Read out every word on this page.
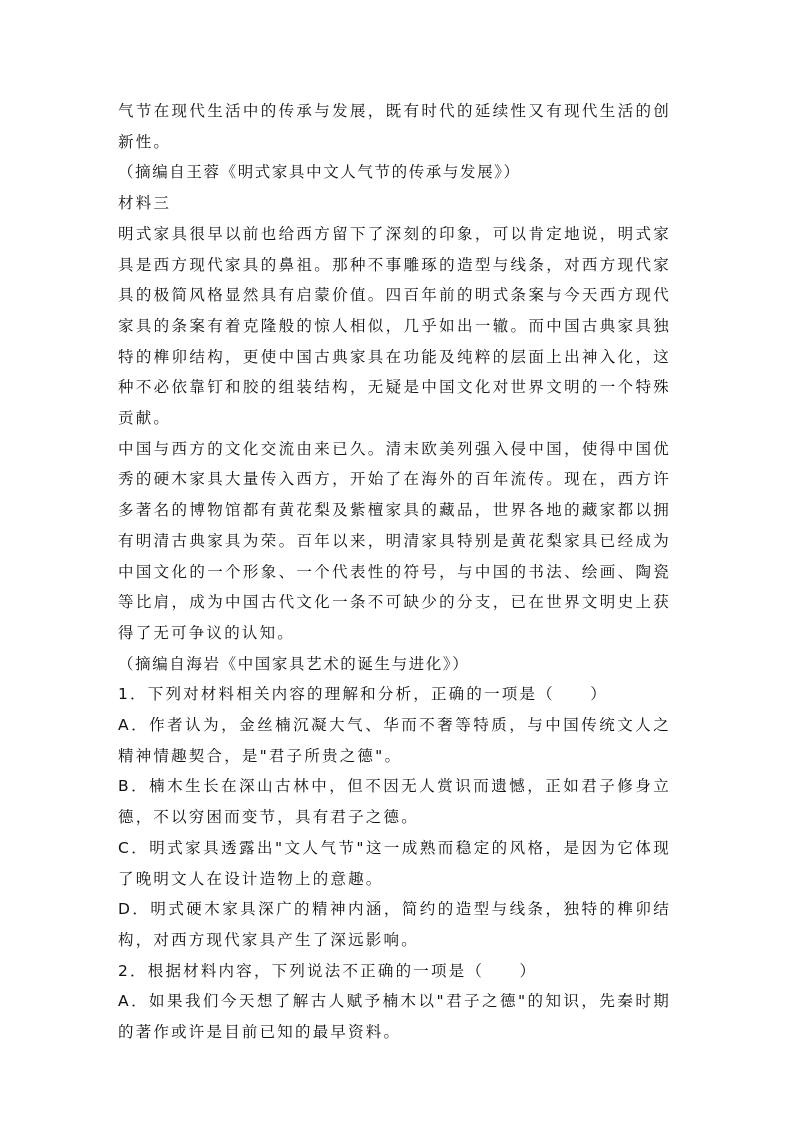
气节在现代生活中的传承与发展，既有时代的延续性又有现代生活的创新性。

（摘编自王蓉《明式家具中文人气节的传承与发展》）

材料三

明式家具很早以前也给西方留下了深刻的印象，可以肯定地说，明式家具是西方现代家具的鼻祖。那种不事雕琢的造型与线条，对西方现代家具的极简风格显然具有启蒙价值。四百年前的明式条案与今天西方现代家具的条案有着克隆般的惊人相似，几乎如出一辙。而中国古典家具独特的榫卯结构，更使中国古典家具在功能及纯粹的层面上出神入化，这种不必依靠钉和胶的组装结构，无疑是中国文化对世界文明的一个特殊贡献。

中国与西方的文化交流由来已久。清末欧美列强入侵中国，使得中国优秀的硬木家具大量传入西方，开始了在海外的百年流传。现在，西方许多著名的博物馆都有黄花梨及紫檀家具的藏品，世界各地的藏家都以拥有明清古典家具为荣。百年以来，明清家具特别是黄花梨家具已经成为中国文化的一个形象、一个代表性的符号，与中国的书法、绘画、陶瓷等比肩，成为中国古代文化一条不可缺少的分支，已在世界文明史上获得了无可争议的认知。

（摘编自海岩《中国家具艺术的诞生与进化》）

1．下列对材料相关内容的理解和分析，正确的一项是（　　）

A．作者认为，金丝楠沉凝大气、华而不奢等特质，与中国传统文人之精神情趣契合，是"君子所贵之德"。

B．楠木生长在深山古林中，但不因无人赏识而遗憾，正如君子修身立德，不以穷困而变节，具有君子之德。

C．明式家具透露出"文人气节"这一成熟而稳定的风格，是因为它体现了晚明文人在设计造物上的意趣。

D．明式硬木家具深广的精神内涵，简约的造型与线条，独特的榫卯结构，对西方现代家具产生了深远影响。

2．根据材料内容，下列说法不正确的一项是（　　）

A．如果我们今天想了解古人赋予楠木以"君子之德"的知识，先秦时期的著作或许是目前已知的最早资料。
